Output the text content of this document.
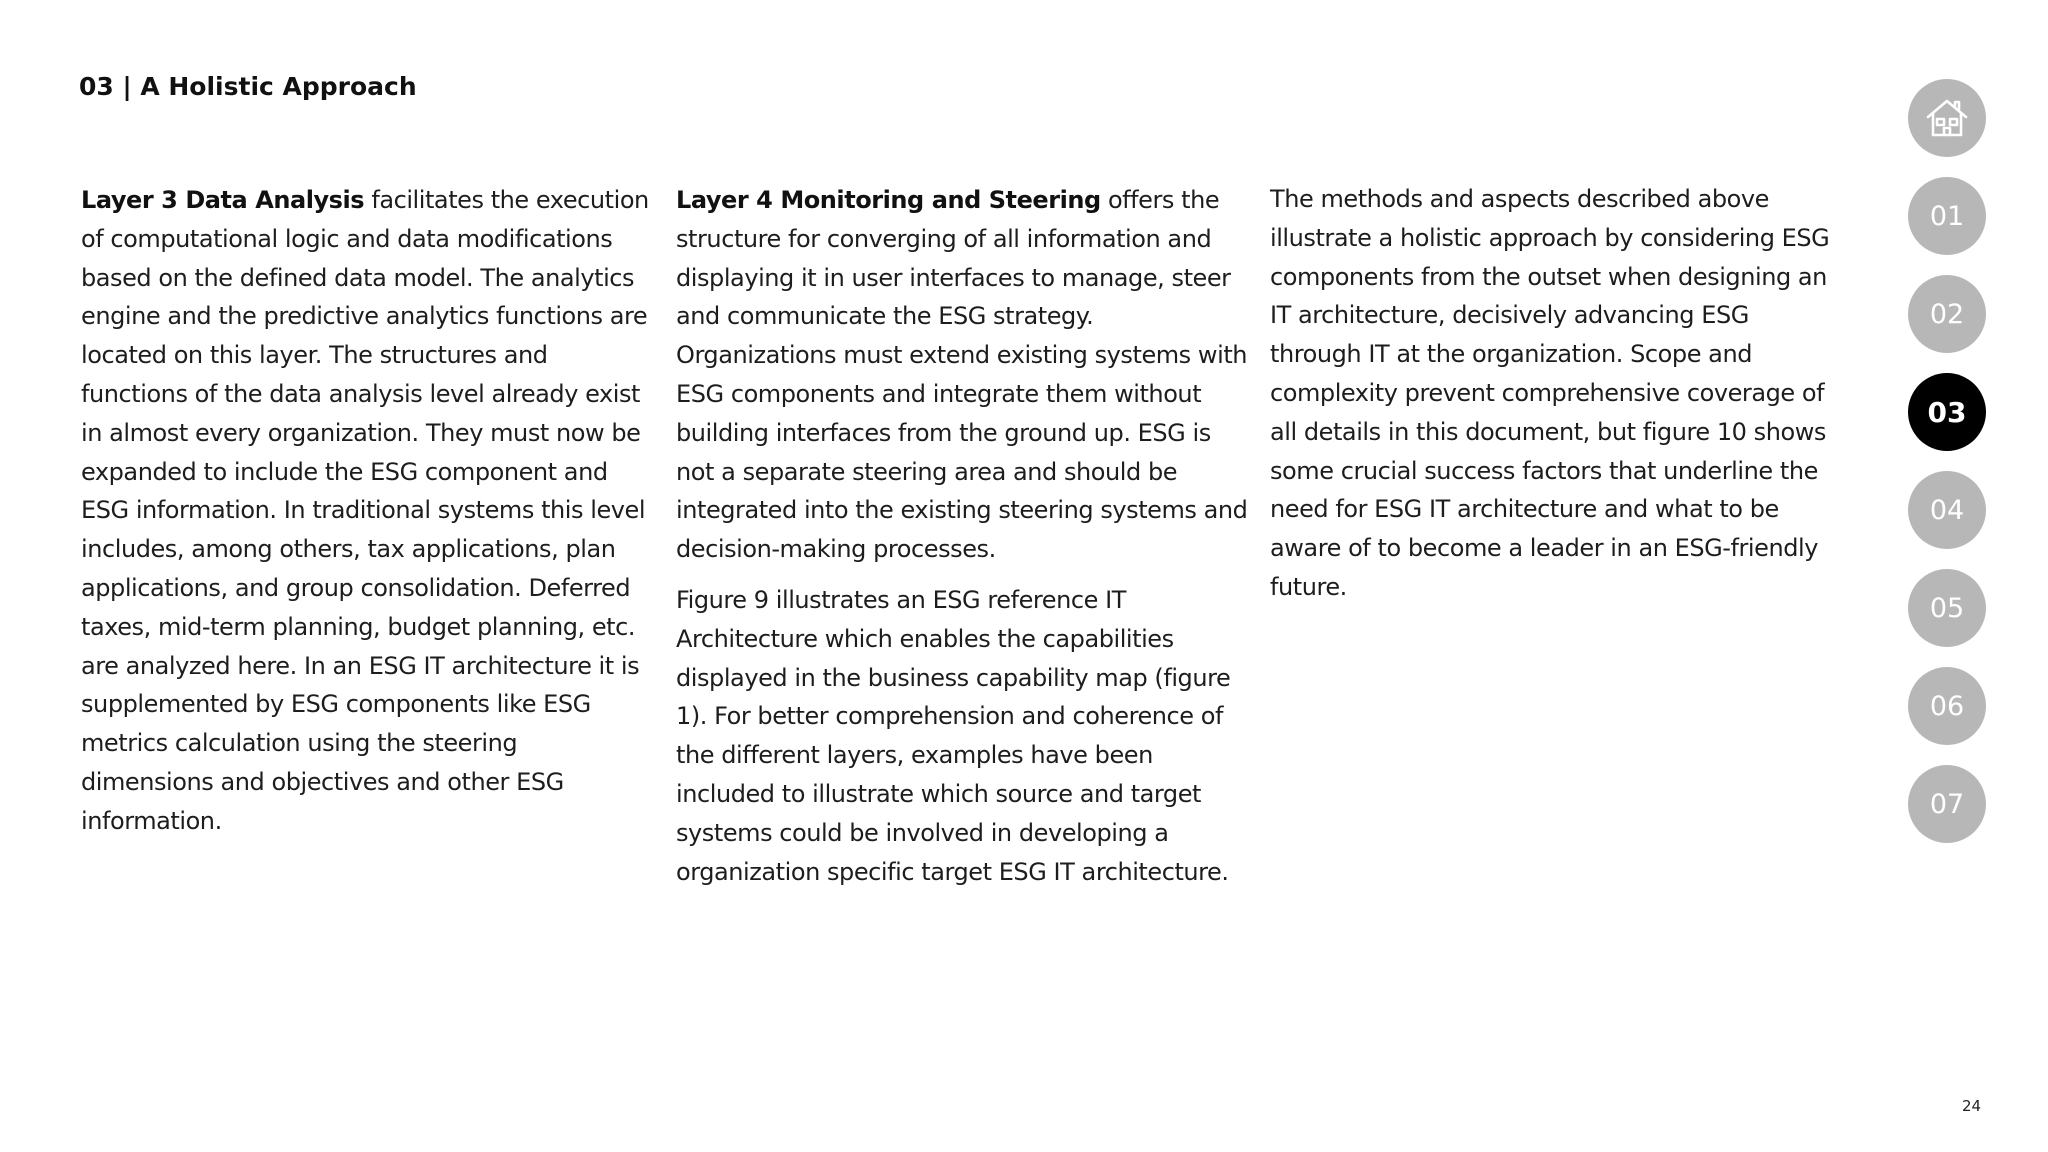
03 | A Holistic Approach

Layer 3 Data Analysis facilitates the execution of computational logic and data modifications based on the defined data model. The analytics engine and the predictive analytics functions are located on this layer. The structures and functions of the data analysis level already exist in almost every organization. They must now be expanded to include the ESG component and ESG information. In traditional systems this level includes, among others, tax applications, plan applications, and group consolidation. Deferred taxes, mid-term planning, budget planning, etc. are analyzed here. In an ESG IT architecture it is supplemented by ESG components like ESG metrics calculation using the steering dimensions and objectives and other ESG information.

Layer 4 Monitoring and Steering offers the structure for converging of all information and displaying it in user interfaces to manage, steer and communicate the ESG strategy. Organizations must extend existing systems with ESG components and integrate them without building interfaces from the ground up. ESG is not a separate steering area and should be integrated into the existing steering systems and decision-making processes.

Figure 9 illustrates an ESG reference IT Architecture which enables the capabilities displayed in the business capability map (figure 1). For better comprehension and coherence of the different layers, examples have been included to illustrate which source and target systems could be involved in developing a organization specific target ESG IT architecture.

The methods and aspects described above illustrate a holistic approach by considering ESG components from the outset when designing an IT architecture, decisively advancing ESG through IT at the organization. Scope and complexity prevent comprehensive coverage of all details in this document, but figure 10 shows some crucial success factors that underline the need for ESG IT architecture and what to be aware of to become a leader in an ESG-friendly future.

01
02
03
04
05
06
07
24
